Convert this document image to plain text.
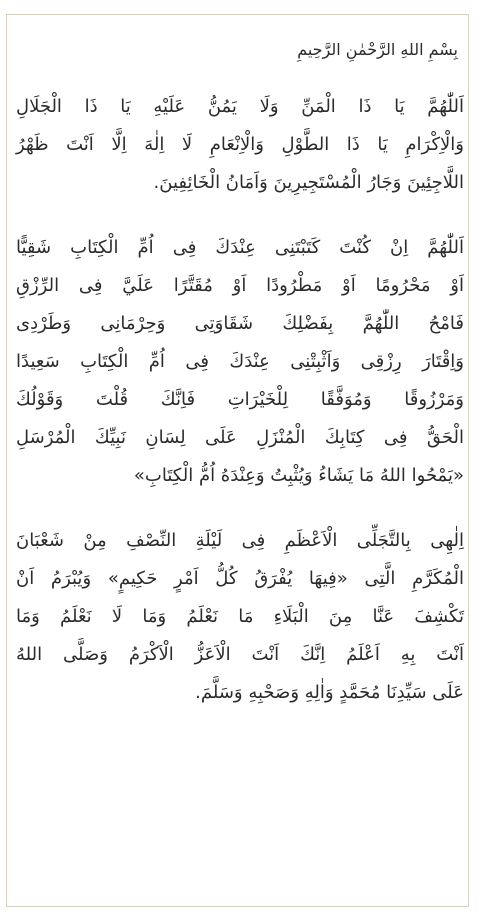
بِسْمِ اللهِ الرَّحْمٰنِ الرَّحِيمِ
اَللّٰهُمَّ يَا ذَا الْمَنِّ وَلَا يَمُنُّ عَلَيْهِ يَا ذَا الْجَلَالِ
وَالْاِكْرَامِ يَا ذَا الطَّوْلِ وَالْاِنْعَامِ لَا اِلٰهَ اِلَّا اَنْتَ ظَهْرُ
اللَّاجِئِينَ وَجَارُ الْمُسْتَجِيرِينَ وَاَمَانُ الْخَائِفِينَ.
اَللّٰهُمَّ اِنْ كُنْتَ كَتَبْتَنِى عِنْدَكَ فِى اُمِّ الْكِتَابِ شَقِيًّا
اَوْ مَحْرُومًا اَوْ مَطْرُودًا اَوْ مُقَتَّرًا عَلَيَّ فِى الرِّزْقِ
فَامْحُ اللّٰهُمَّ بِفَضْلِكَ شَقَاوَتِى وَحِرْمَانِى وَطَرْدِى
وَاِقْتَارَ رِزْقِى وَاَثْبِتْنِى عِنْدَكَ فِى اُمِّ الْكِتَابِ سَعِيدًا
وَمَرْزُوقًا وَمُوَفَّقًا لِلْخَيْرَاتِ فَاِنَّكَ قُلْتَ وَقَوْلُكَ
الْحَقُّ فِى كِتَابِكَ الْمُنْزَلِ عَلَى لِسَانِ نَبِيِّكَ الْمُرْسَلِ
«يَمْحُوا اللهُ مَا يَشَاءُ وَيُثْبِتُ وَعِنْدَهُ اُمُّ الْكِتَابِ»
اِلٰهِى بِالتَّجَلِّى الْاَعْظَمِ فِى لَيْلَةِ النِّصْفِ مِنْ شَعْبَانَ
الْمُكَرَّمِ الَّتِى «فِيهَا يُفْرَقُ كُلُّ اَمْرٍ حَكِيمٍ» وَيُبْرَمُ اَنْ
تَكْشِفَ عَنَّا مِنَ الْبَلَاءِ مَا نَعْلَمُ وَمَا لَا نَعْلَمُ وَمَا
اَنْتَ بِهِ اَعْلَمُ اِنَّكَ اَنْتَ الْاَعَزُّ الْاَكْرَمُ وَصَلَّى اللهُ
عَلَى سَيِّدِنَا مُحَمَّدٍ وَاٰلِهِ وَصَحْبِهِ وَسَلَّمَ.
